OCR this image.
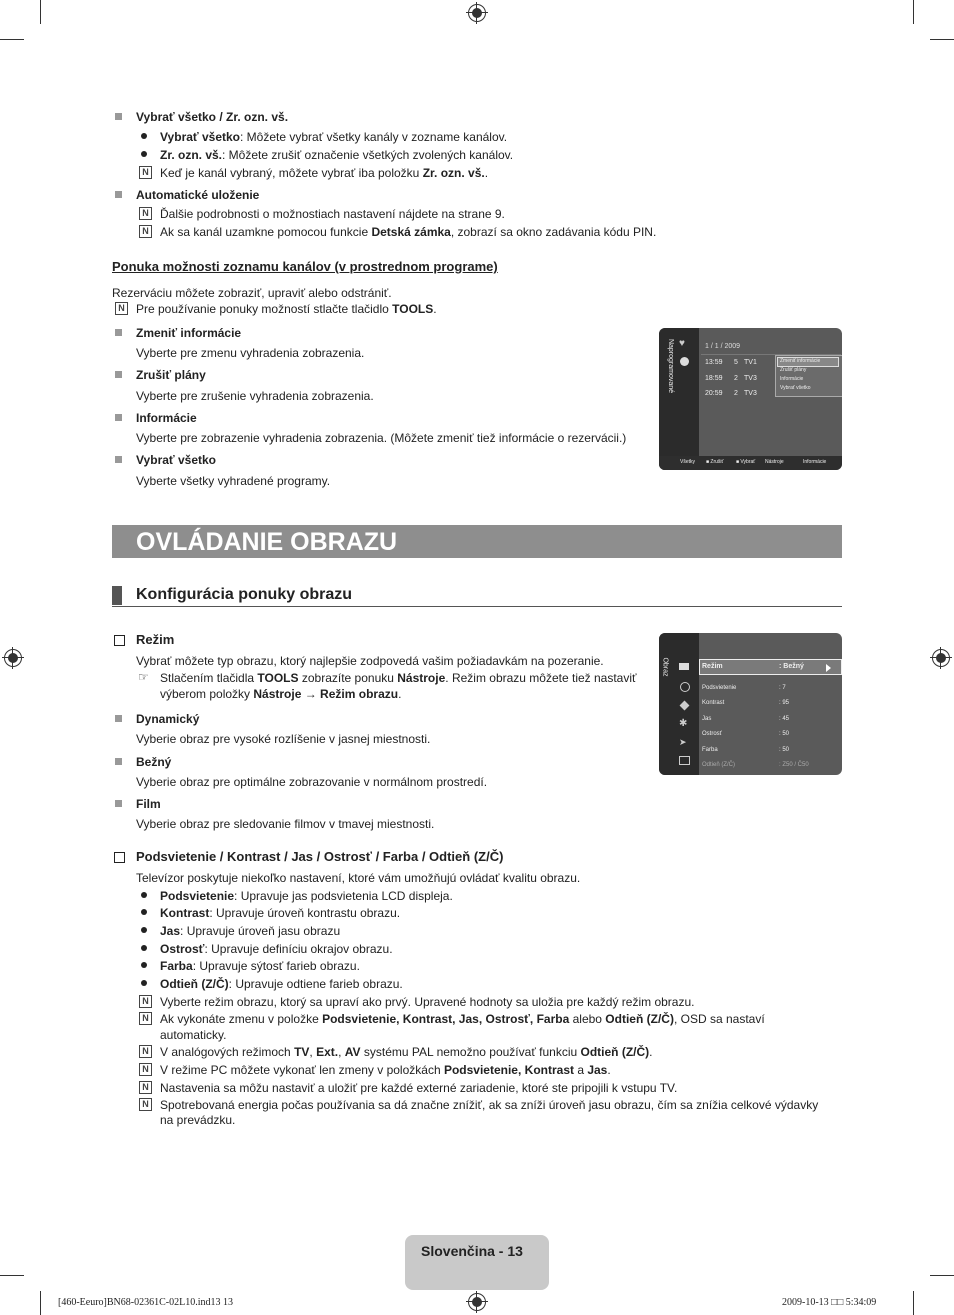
Vybrať všetko / Zr. ozn. vš.
Vybrať všetko: Môžete vybrať všetky kanály v zozname kanálov.
Zr. ozn. vš.: Môžete zrušiť označenie všetkých zvolených kanálov.
N Keď je kanál vybraný, môžete vybrať iba položku Zr. ozn. vš..
Automatické uloženie
N Ďalšie podrobnosti o možnostiach nastavení nájdete na strane 9.
N Ak sa kanál uzamkne pomocou funkcie Detská zámka, zobrazí sa okno zadávania kódu PIN.
Ponuka možnosti zoznamu kanálov (v prostrednom programe)
Rezerváciu môžete zobraziť, upraviť alebo odstrániť.
N Pre používanie ponuky možností stlačte tlačidlo TOOLS.
Zmeniť informácie
Vyberte pre zmenu vyhradenia zobrazenia.
Zrušiť plány
Vyberte pre zrušenie vyhradenia zobrazenia.
Informácie
Vyberte pre zobrazenie vyhradenia zobrazenia. (Môžete zmeniť tiež informácie o rezervácii.)
Vybrať všetko
Vyberte všetky vyhradené programy.
Naprogramované ♥	1 / 1 / 2009
13:59 5 TV1
18:59 2 TV3
20:59 2 TV3
Zmeniť informácie
Zrušiť plány
Informácie
Vybrať všetko
Všetky ■ Zrušiť	■ Vybrať Nástroje	Informácie
OVLÁDANIE OBRAZU
Konfigurácia ponuky obrazu
Režim
Vybrať môžete typ obrazu, ktorý najlepšie zodpovedá vašim požiadavkám na pozeranie.
☞ Stlačením tlačidla TOOLS zobrazíte ponuku Nástroje. Režim obrazu môžete tiež nastaviť
výberom položky Nástroje → Režim obrazu.
Dynamický
Vyberie obraz pre vysoké rozlíšenie v jasnej miestnosti.
Bežný
Vyberie obraz pre optimálne zobrazovanie v normálnom prostredí.
Film
Vyberie obraz pre sledovanie filmov v tmavej miestnosti.
Obraz
✱
➤
Režim	: Bežný
Podsvietenie	: 7
Kontrast	: 95
Jas	: 45
Ostrosť	: 50
Farba	: 50
Odtieň (Z/Č)	: Z50 / Č50
Podsvietenie / Kontrast / Jas / Ostrosť / Farba / Odtieň (Z/Č)
Televízor poskytuje niekoľko nastavení, ktoré vám umožňujú ovládať kvalitu obrazu.
Podsvietenie: Upravuje jas podsvietenia LCD displeja.
Kontrast: Upravuje úroveň kontrastu obrazu.
Jas: Upravuje úroveň jasu obrazu
Ostrosť: Upravuje definíciu okrajov obrazu.
Farba: Upravuje sýtosť farieb obrazu.
Odtieň (Z/Č): Upravuje odtiene farieb obrazu.
N Vyberte režim obrazu, ktorý sa upraví ako prvý. Upravené hodnoty sa uložia pre každý režim obrazu.
N Ak vykonáte zmenu v položke Podsvietenie, Kontrast, Jas, Ostrosť, Farba alebo Odtieň (Z/Č), OSD sa nastaví
automaticky.
N V analógových režimoch TV, Ext., AV systému PAL nemožno používať funkciu Odtieň (Z/Č).
N V režime PC môžete vykonať len zmeny v položkách Podsvietenie, Kontrast a Jas.
N Nastavenia sa môžu nastaviť a uložiť pre každé externé zariadenie, ktoré ste pripojili k vstupu TV.
N Spotrebovaná energia počas používania sa dá značne znížiť, ak sa zníži úroveň jasu obrazu, čím sa znížia celkové výdavky
na prevádzku.
Slovenčina - 13
[460-Eeuro]BN68-02361C-02L10.ind13 13	2009-10-13 □□ 5:34:09
